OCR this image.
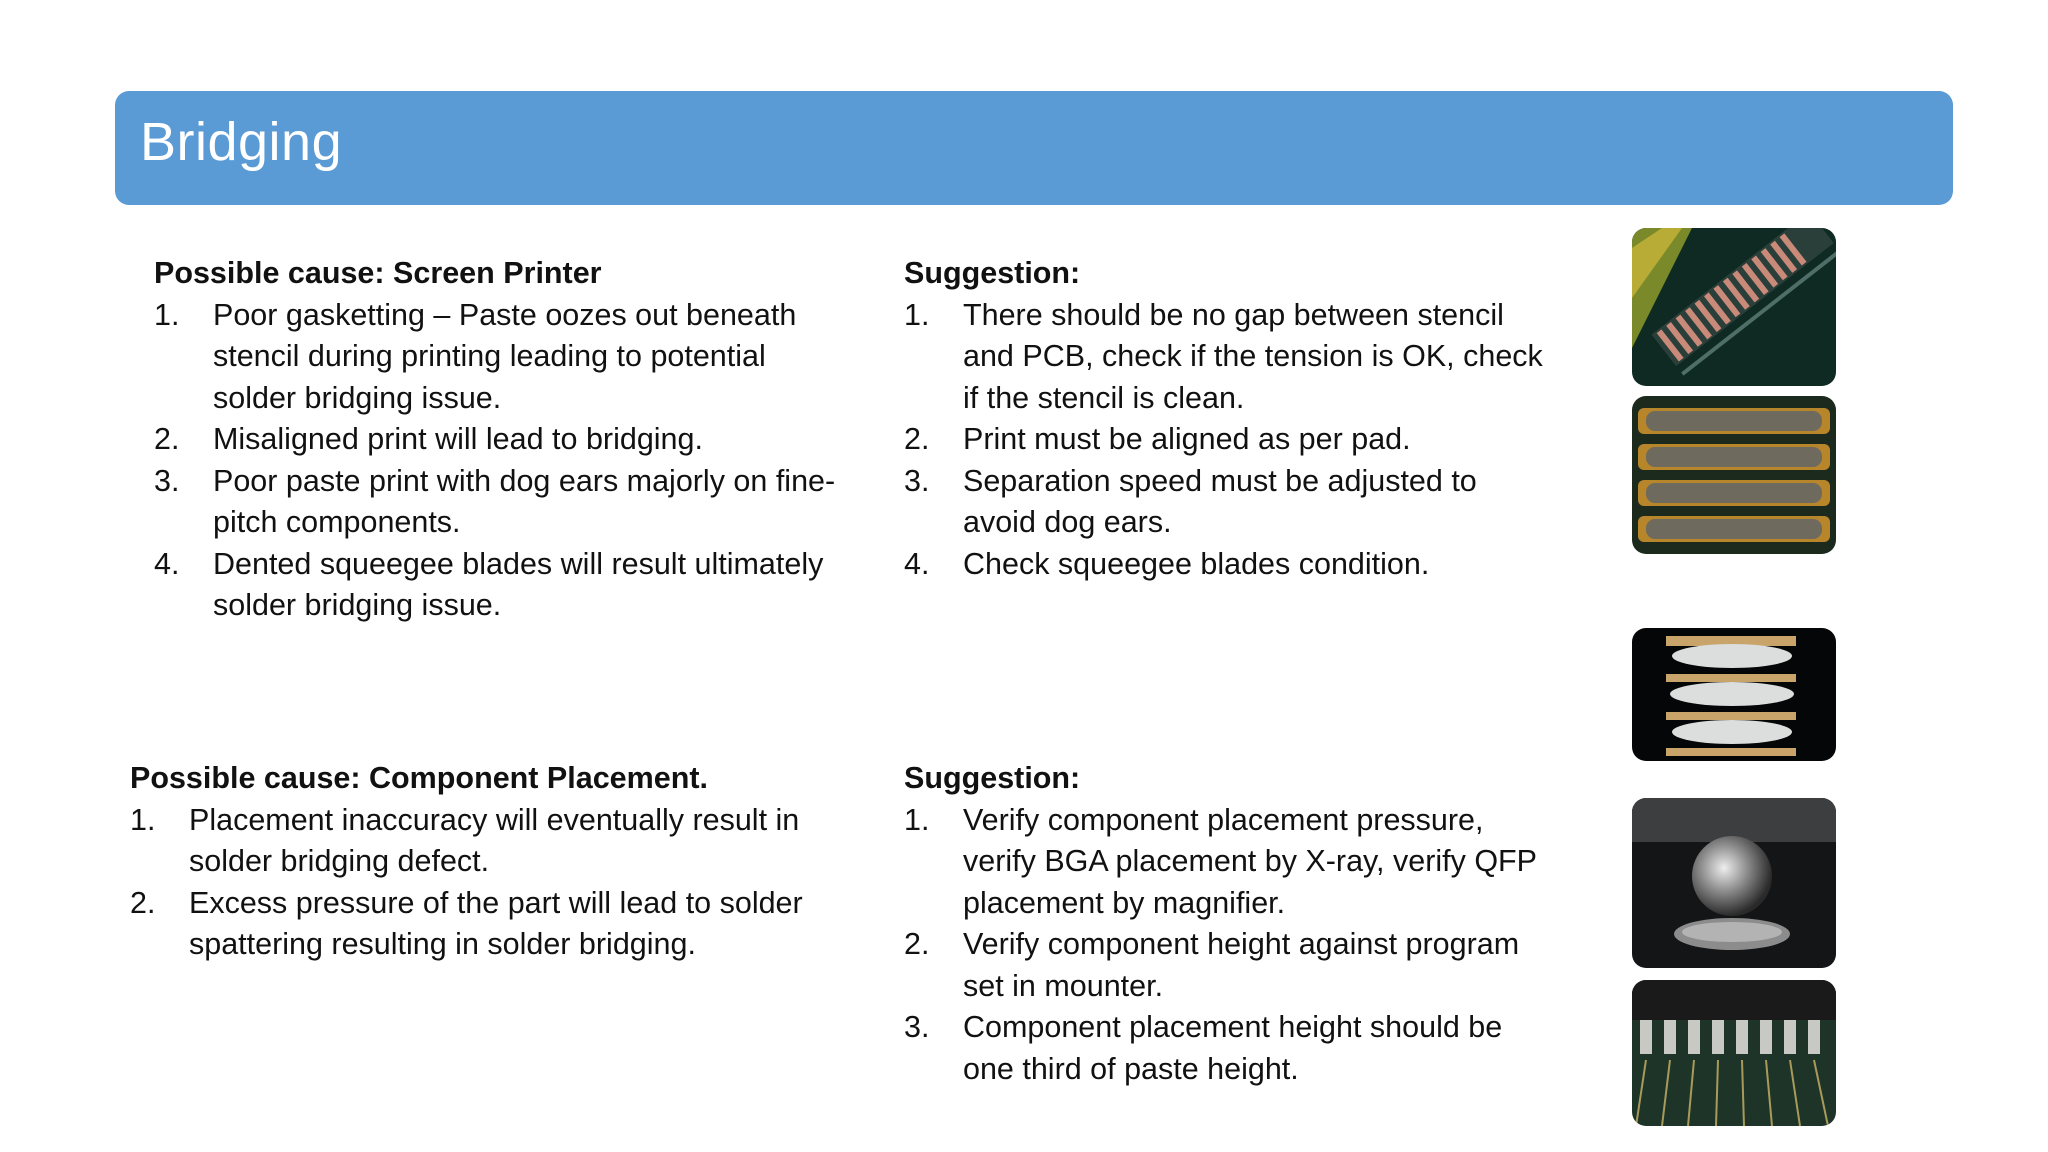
Bridging
Possible cause: Screen Printer
1. Poor gasketting – Paste oozes out beneath stencil during printing leading to potential solder bridging issue.
2. Misaligned print will lead to bridging.
3. Poor paste print with dog ears majorly on fine-pitch components.
4. Dented squeegee blades will result ultimately solder bridging issue.
Suggestion:
1. There should be no gap between stencil and PCB, check if the tension is OK, check if the stencil is clean.
2. Print must be aligned as per pad.
3. Separation speed must be adjusted to avoid dog ears.
4. Check squeegee blades condition.
Possible cause: Component Placement.
1. Placement inaccuracy will eventually result in solder bridging defect.
2. Excess pressure of the part will lead to solder spattering resulting in solder bridging.
Suggestion:
1. Verify component placement pressure, verify BGA placement by X-ray, verify QFP placement by magnifier.
2. Verify component height against program set in mounter.
3. Component placement height should be one third of paste height.
